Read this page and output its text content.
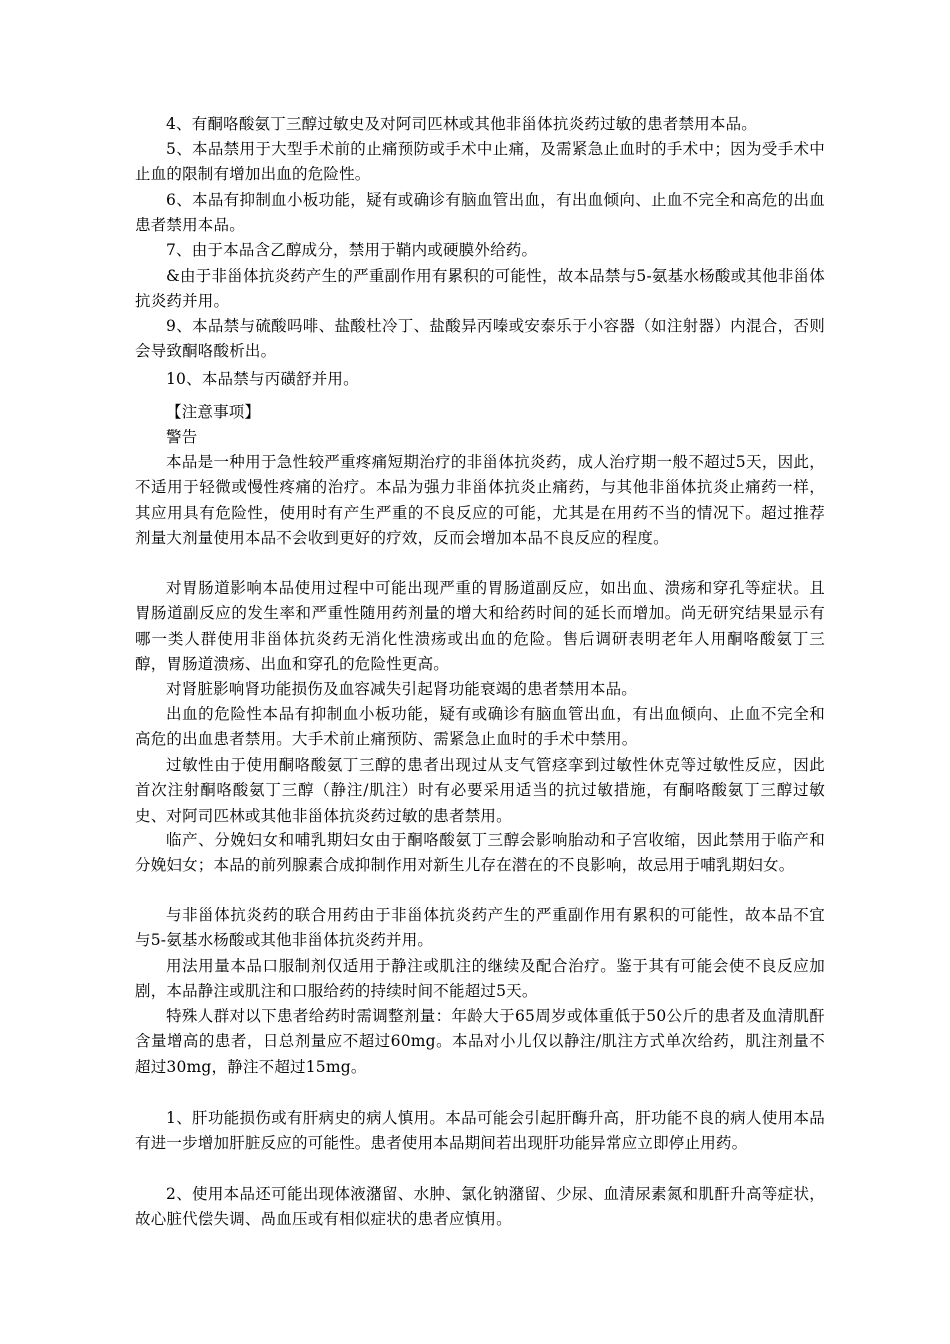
4、有酮咯酸氨丁三醇过敏史及对阿司匹林或其他非甾体抗炎药过敏的患者禁用本品。

5、本品禁用于大型手术前的止痛预防或手术中止痛，及需紧急止血时的手术中；因为受手术中止血的限制有增加出血的危险性。

6、本品有抑制血小板功能，疑有或确诊有脑血管出血，有出血倾向、止血不完全和高危的出血患者禁用本品。

7、由于本品含乙醇成分，禁用于鞘内或硬膜外给药。

&由于非甾体抗炎药产生的严重副作用有累积的可能性，故本品禁与5-氨基水杨酸或其他非甾体抗炎药并用。

9、本品禁与硫酸吗啡、盐酸杜冷丁、盐酸异丙嗪或安泰乐于小容器（如注射器）内混合，否则会导致酮咯酸析出。

10、本品禁与丙磺舒并用。

【注意事项】

警告

本品是一种用于急性较严重疼痛短期治疗的非甾体抗炎药，成人治疗期一般不超过5天，因此，不适用于轻微或慢性疼痛的治疗。本品为强力非甾体抗炎止痛药，与其他非甾体抗炎止痛药一样，其应用具有危险性，使用时有产生严重的不良反应的可能，尤其是在用药不当的情况下。超过推荐剂量大剂量使用本品不会收到更好的疗效，反而会增加本品不良反应的程度。

对胃肠道影响本品使用过程中可能出现严重的胃肠道副反应，如出血、溃疡和穿孔等症状。且胃肠道副反应的发生率和严重性随用药剂量的增大和给药时间的延长而增加。尚无研究结果显示有哪一类人群使用非甾体抗炎药无消化性溃疡或出血的危险。售后调研表明老年人用酮咯酸氨丁三醇，胃肠道溃疡、出血和穿孔的危险性更高。

对肾脏影响肾功能损伤及血容减失引起肾功能衰竭的患者禁用本品。

出血的危险性本品有抑制血小板功能，疑有或确诊有脑血管出血，有出血倾向、止血不完全和高危的出血患者禁用。大手术前止痛预防、需紧急止血时的手术中禁用。

过敏性由于使用酮咯酸氨丁三醇的患者出现过从支气管痉挛到过敏性休克等过敏性反应，因此首次注射酮咯酸氨丁三醇（静注/肌注）时有必要采用适当的抗过敏措施，有酮咯酸氨丁三醇过敏史、对阿司匹林或其他非甾体抗炎药过敏的患者禁用。

临产、分娩妇女和哺乳期妇女由于酮咯酸氨丁三醇会影响胎动和子宫收缩，因此禁用于临产和分娩妇女；本品的前列腺素合成抑制作用对新生儿存在潜在的不良影响，故忌用于哺乳期妇女。

与非甾体抗炎药的联合用药由于非甾体抗炎药产生的严重副作用有累积的可能性，故本品不宜与5-氨基水杨酸或其他非甾体抗炎药并用。

用法用量本品口服制剂仅适用于静注或肌注的继续及配合治疗。鉴于其有可能会使不良反应加剧，本品静注或肌注和口服给药的持续时间不能超过5天。

特殊人群对以下患者给药时需调整剂量：年龄大于65周岁或体重低于50公斤的患者及血清肌酐含量增高的患者，日总剂量应不超过60mg。本品对小儿仅以静注/肌注方式单次给药，肌注剂量不超过30mg，静注不超过15mg。

1、肝功能损伤或有肝病史的病人慎用。本品可能会引起肝酶升高，肝功能不良的病人使用本品有进一步增加肝脏反应的可能性。患者使用本品期间若出现肝功能异常应立即停止用药。

2、使用本品还可能出现体液潴留、水肿、氯化钠潴留、少尿、血清尿素氮和肌酐升高等症状，故心脏代偿失调、咼血压或有相似症状的患者应慎用。
